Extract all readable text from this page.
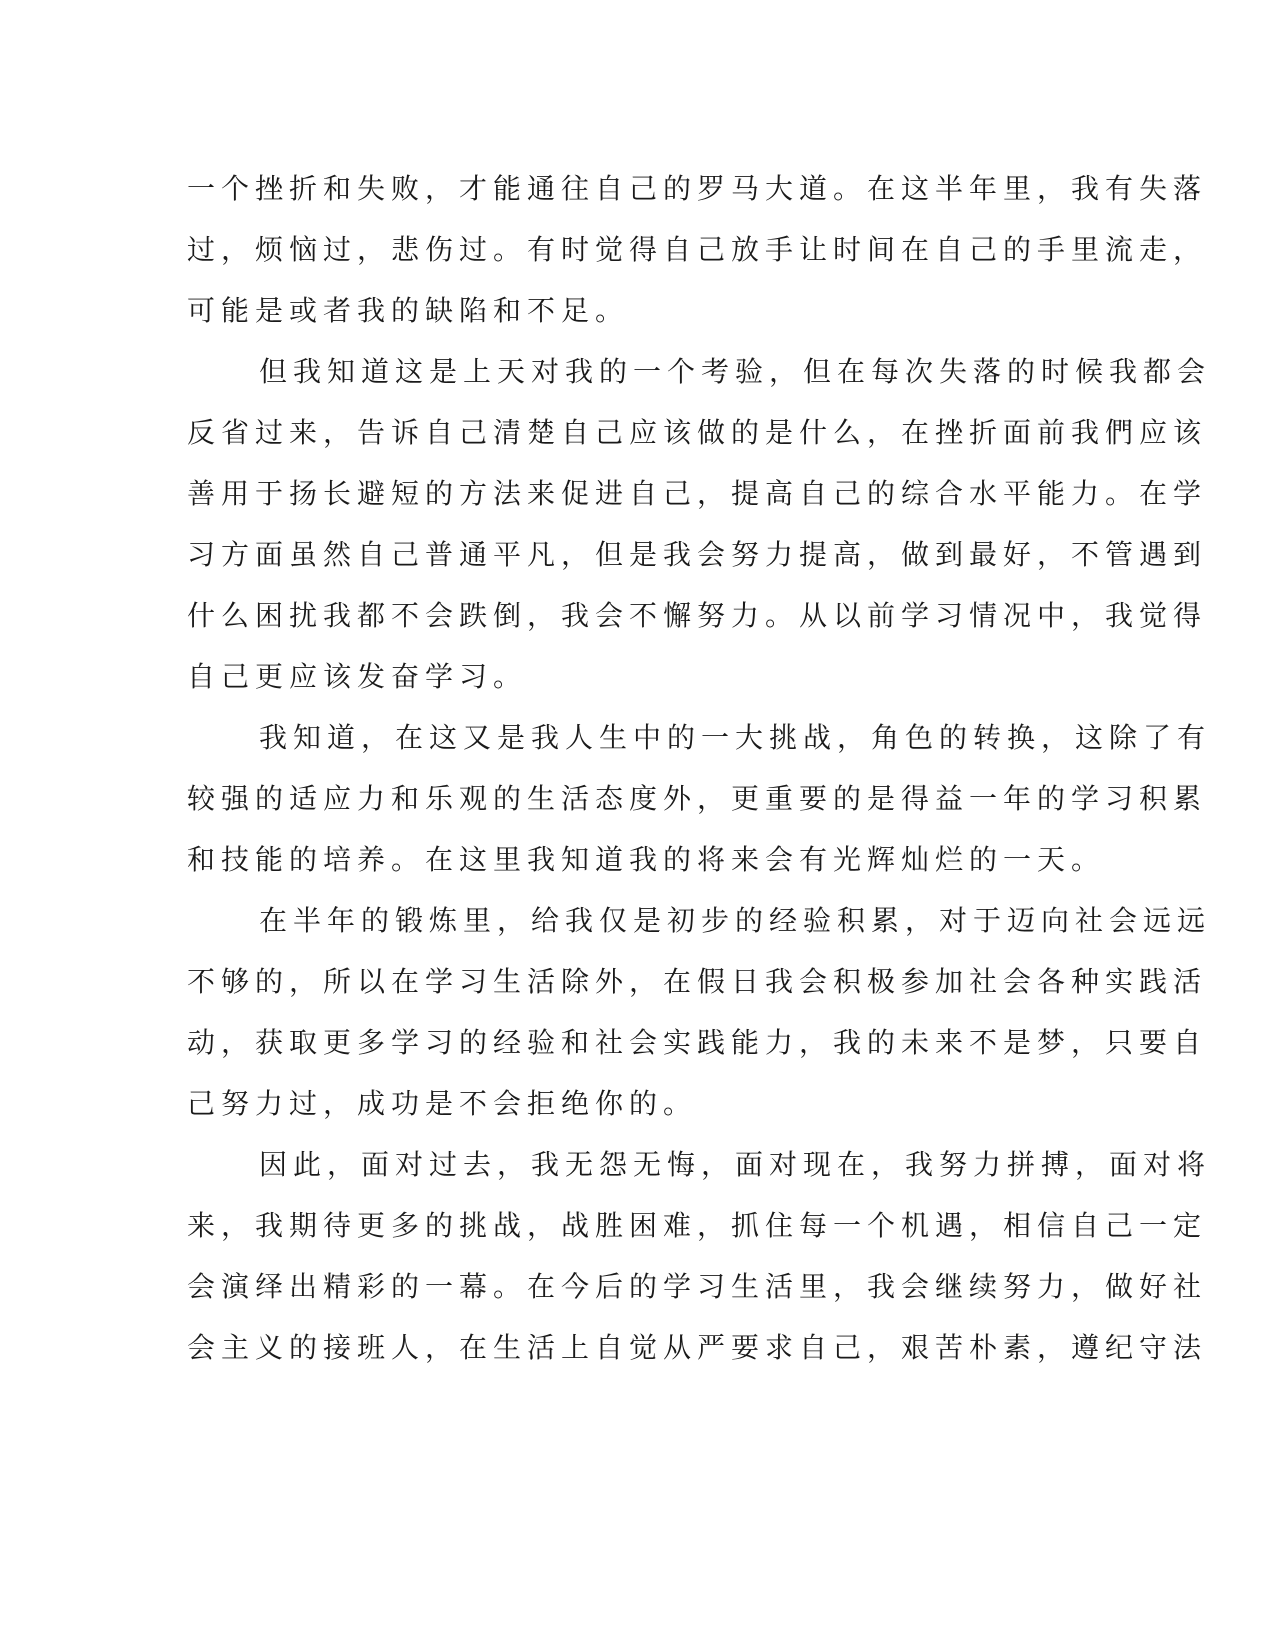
一个挫折和失败，才能通往自己的罗马大道。在这半年里，我有失落
过，烦恼过，悲伤过。有时觉得自己放手让时间在自己的手里流走，
可能是或者我的缺陷和不足。
但我知道这是上天对我的一个考验，但在每次失落的时候我都会
反省过来，告诉自己清楚自己应该做的是什么，在挫折面前我們应该
善用于扬长避短的方法来促进自己，提高自己的综合水平能力。在学
习方面虽然自己普通平凡，但是我会努力提高，做到最好，不管遇到
什么困扰我都不会跌倒，我会不懈努力。从以前学习情况中，我觉得
自己更应该发奋学习。
我知道，在这又是我人生中的一大挑战，角色的转换，这除了有
较强的适应力和乐观的生活态度外，更重要的是得益一年的学习积累
和技能的培养。在这里我知道我的将来会有光辉灿烂的一天。
在半年的锻炼里，给我仅是初步的经验积累，对于迈向社会远远
不够的，所以在学习生活除外，在假日我会积极参加社会各种实践活
动，获取更多学习的经验和社会实践能力，我的未来不是梦，只要自
己努力过，成功是不会拒绝你的。
因此，面对过去，我无怨无悔，面对现在，我努力拼搏，面对将
来，我期待更多的挑战，战胜困难，抓住每一个机遇，相信自己一定
会演绎出精彩的一幕。在今后的学习生活里，我会继续努力，做好社
会主义的接班人，在生活上自觉从严要求自己，艰苦朴素，遵纪守法
